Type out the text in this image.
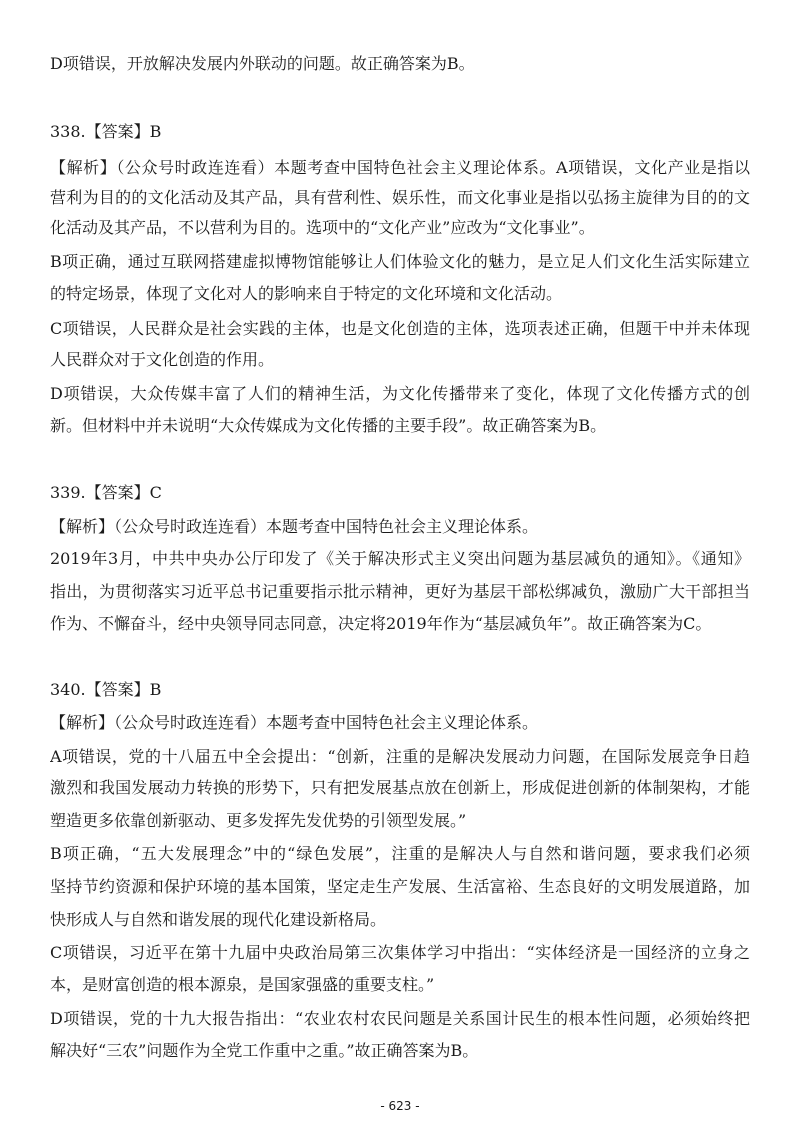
D项错误，开放解决发展内外联动的问题。故正确答案为B。
338.【答案】B
【解析】（公众号时政连连看）本题考查中国特色社会主义理论体系。A项错误，文化产业是指以
营利为目的的文化活动及其产品，具有营利性、娱乐性，而文化事业是指以弘扬主旋律为目的的文
化活动及其产品，不以营利为目的。选项中的“文化产业”应改为“文化事业”。
B项正确，通过互联网搭建虚拟博物馆能够让人们体验文化的魅力，是立足人们文化生活实际建立
的特定场景，体现了文化对人的影响来自于特定的文化环境和文化活动。
C项错误，人民群众是社会实践的主体，也是文化创造的主体，选项表述正确，但题干中并未体现
人民群众对于文化创造的作用。
D项错误，大众传媒丰富了人们的精神生活，为文化传播带来了变化，体现了文化传播方式的创
新。但材料中并未说明“大众传媒成为文化传播的主要手段”。故正确答案为B。
339.【答案】C
【解析】（公众号时政连连看）本题考查中国特色社会主义理论体系。
2019年3月，中共中央办公厅印发了《关于解决形式主义突出问题为基层减负的通知》。《通知》
指出，为贯彻落实习近平总书记重要指示批示精神，更好为基层干部松绑减负，激励广大干部担当
作为、不懈奋斗，经中央领导同志同意，决定将2019年作为“基层减负年”。故正确答案为C。
340.【答案】B
【解析】（公众号时政连连看）本题考查中国特色社会主义理论体系。
A项错误，党的十八届五中全会提出：“创新，注重的是解决发展动力问题，在国际发展竞争日趋
激烈和我国发展动力转换的形势下，只有把发展基点放在创新上，形成促进创新的体制架构，才能
塑造更多依靠创新驱动、更多发挥先发优势的引领型发展。”
B项正确，“五大发展理念”中的“绿色发展”，注重的是解决人与自然和谐问题，要求我们必须
坚持节约资源和保护环境的基本国策，坚定走生产发展、生活富裕、生态良好的文明发展道路，加
快形成人与自然和谐发展的现代化建设新格局。
C项错误，习近平在第十九届中央政治局第三次集体学习中指出：“实体经济是一国经济的立身之
本，是财富创造的根本源泉，是国家强盛的重要支柱。”
D项错误，党的十九大报告指出：“农业农村农民问题是关系国计民生的根本性问题，必须始终把
解决好“三农”问题作为全党工作重中之重。”故正确答案为B。
- 623 -
